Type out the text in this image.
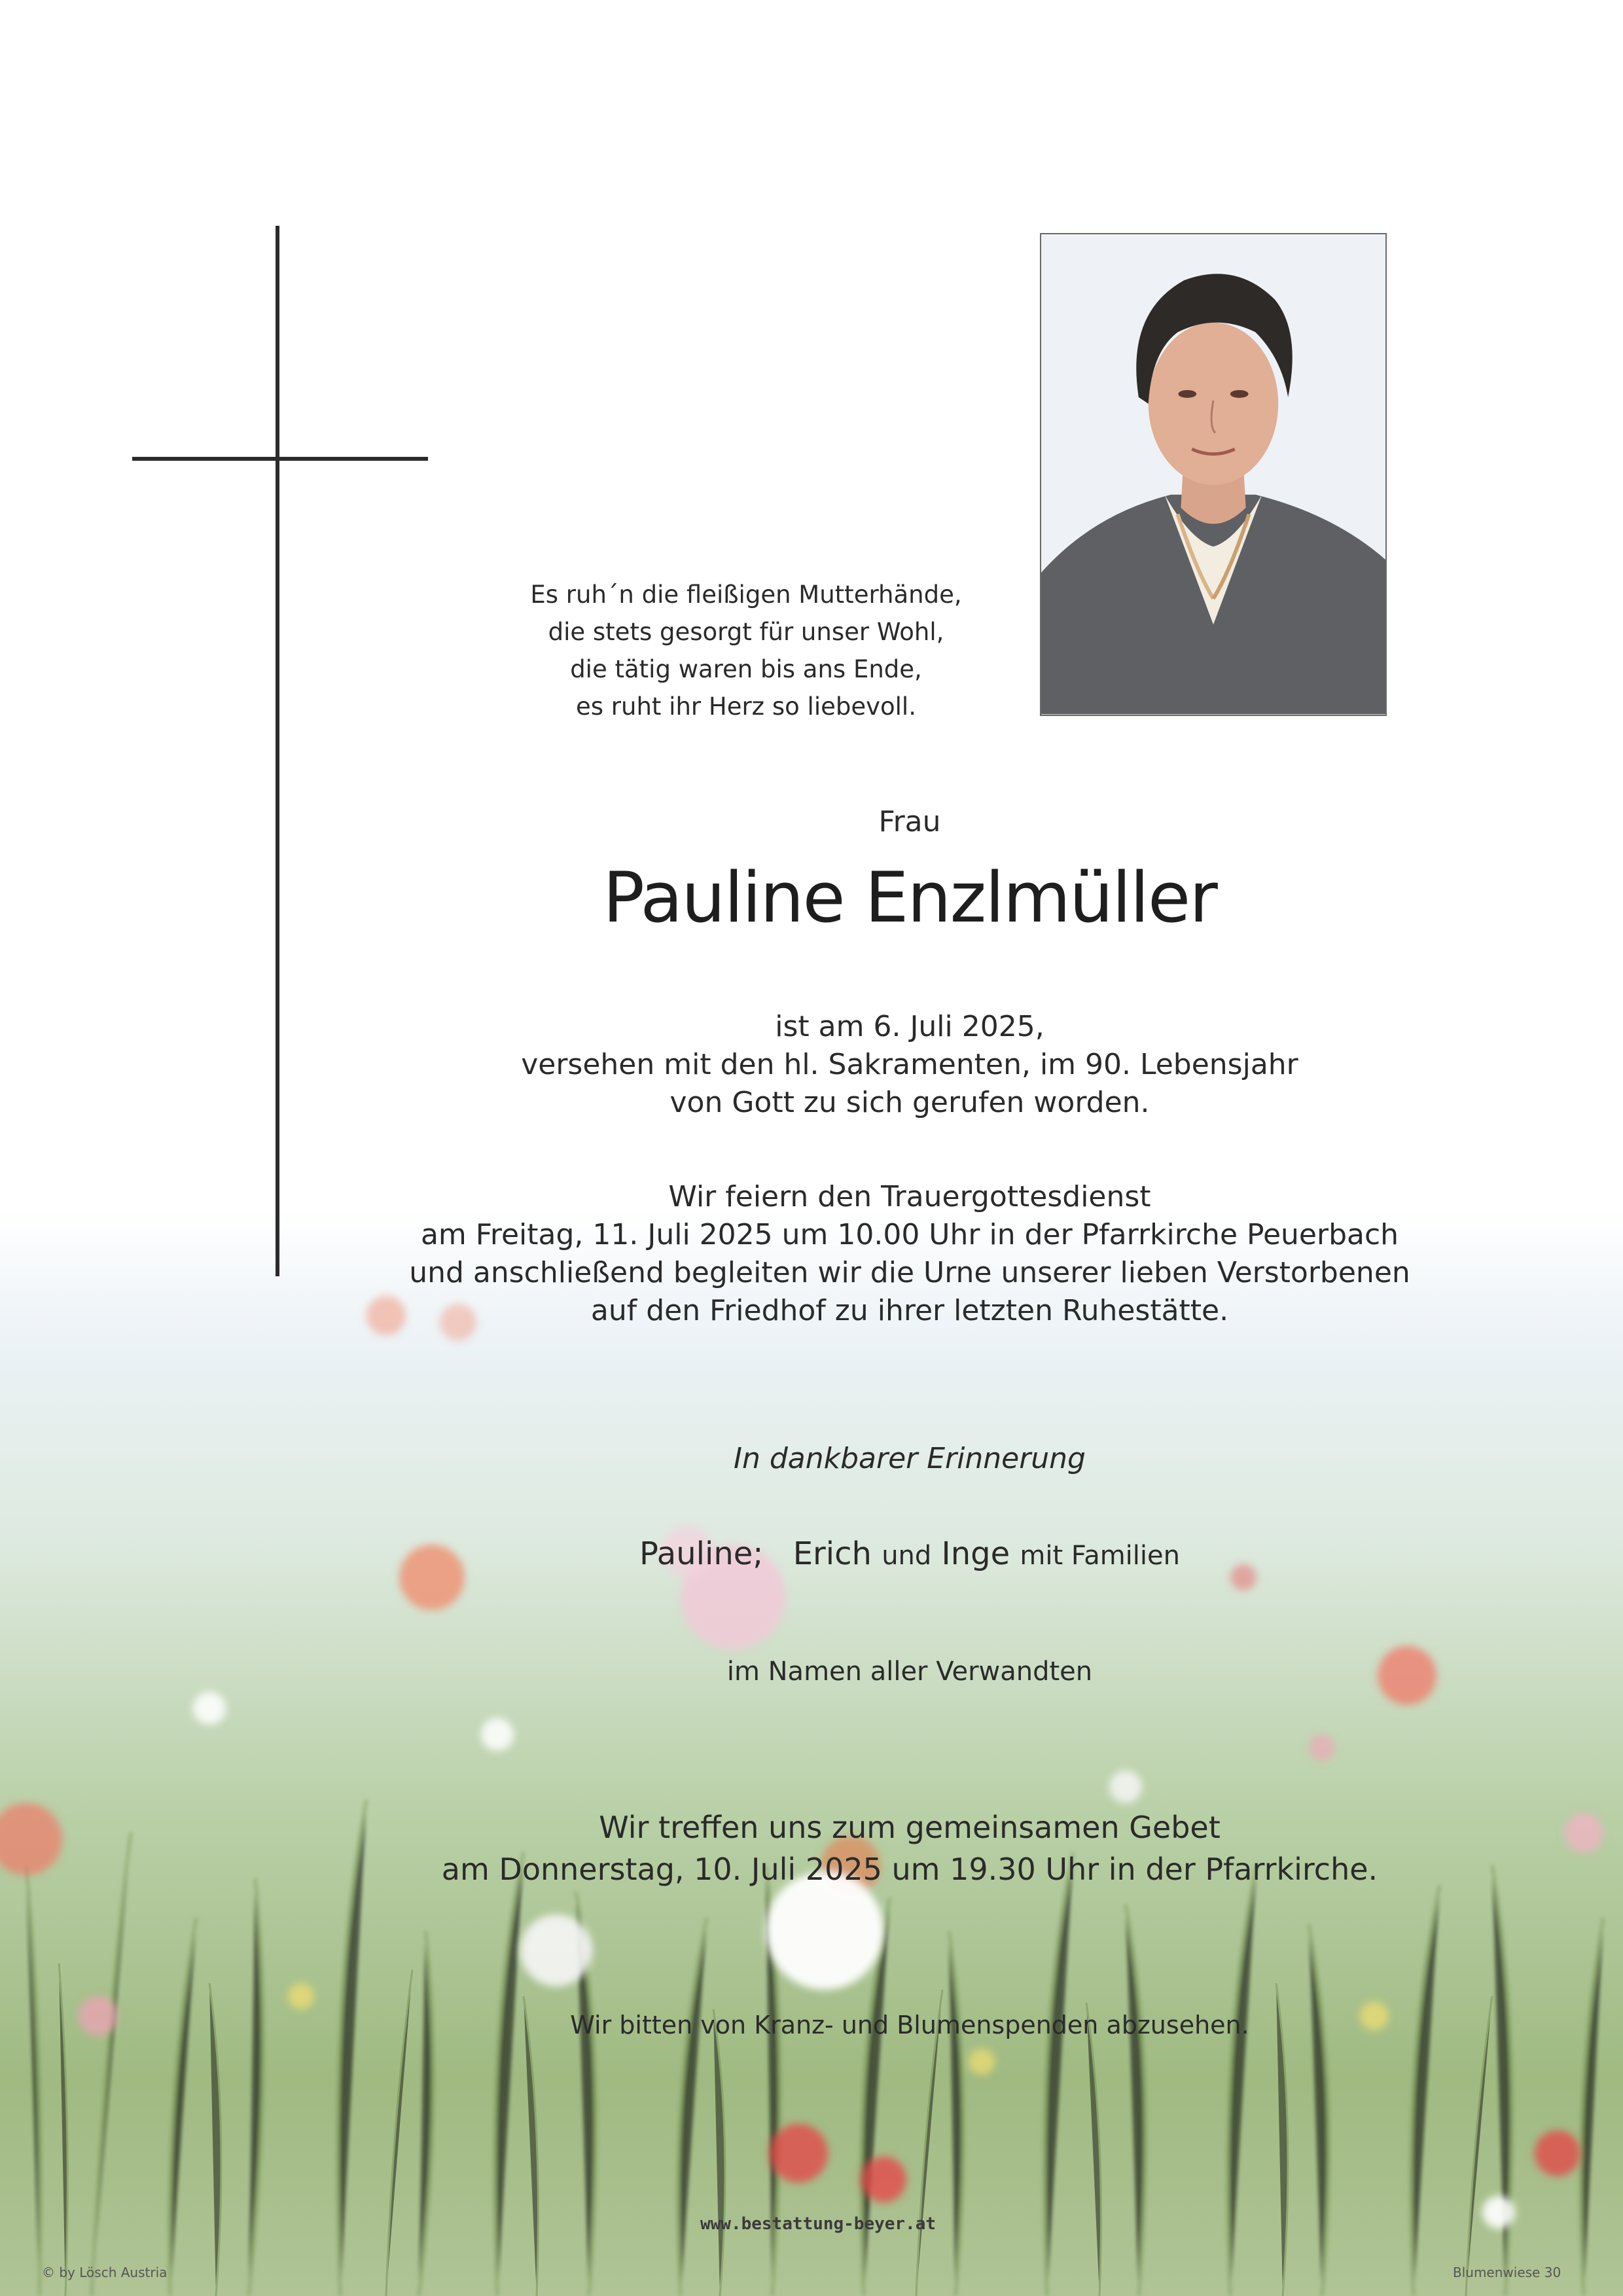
Es ruh´n die fleißigen Mutterhände,
die stets gesorgt für unser Wohl,
die tätig waren bis ans Ende,
es ruht ihr Herz so liebevoll.
Frau
Pauline Enzlmüller
ist am 6. Juli 2025,
versehen mit den hl. Sakramenten, im 90. Lebensjahr
von Gott zu sich gerufen worden.
Wir feiern den Trauergottesdienst
am Freitag, 11. Juli 2025 um 10.00 Uhr in der Pfarrkirche Peuerbach
und anschließend begleiten wir die Urne unserer lieben Verstorbenen
auf den Friedhof zu ihrer letzten Ruhestätte.
In dankbarer Erinnerung
Pauline; Erich und Inge mit Familien
im Namen aller Verwandten
Wir treffen uns zum gemeinsamen Gebet
am Donnerstag, 10. Juli 2025 um 19.30 Uhr in der Pfarrkirche.
Wir bitten von Kranz- und Blumenspenden abzusehen.
www.bestattung-beyer.at
© by Lösch Austria	Blumenwiese 30
